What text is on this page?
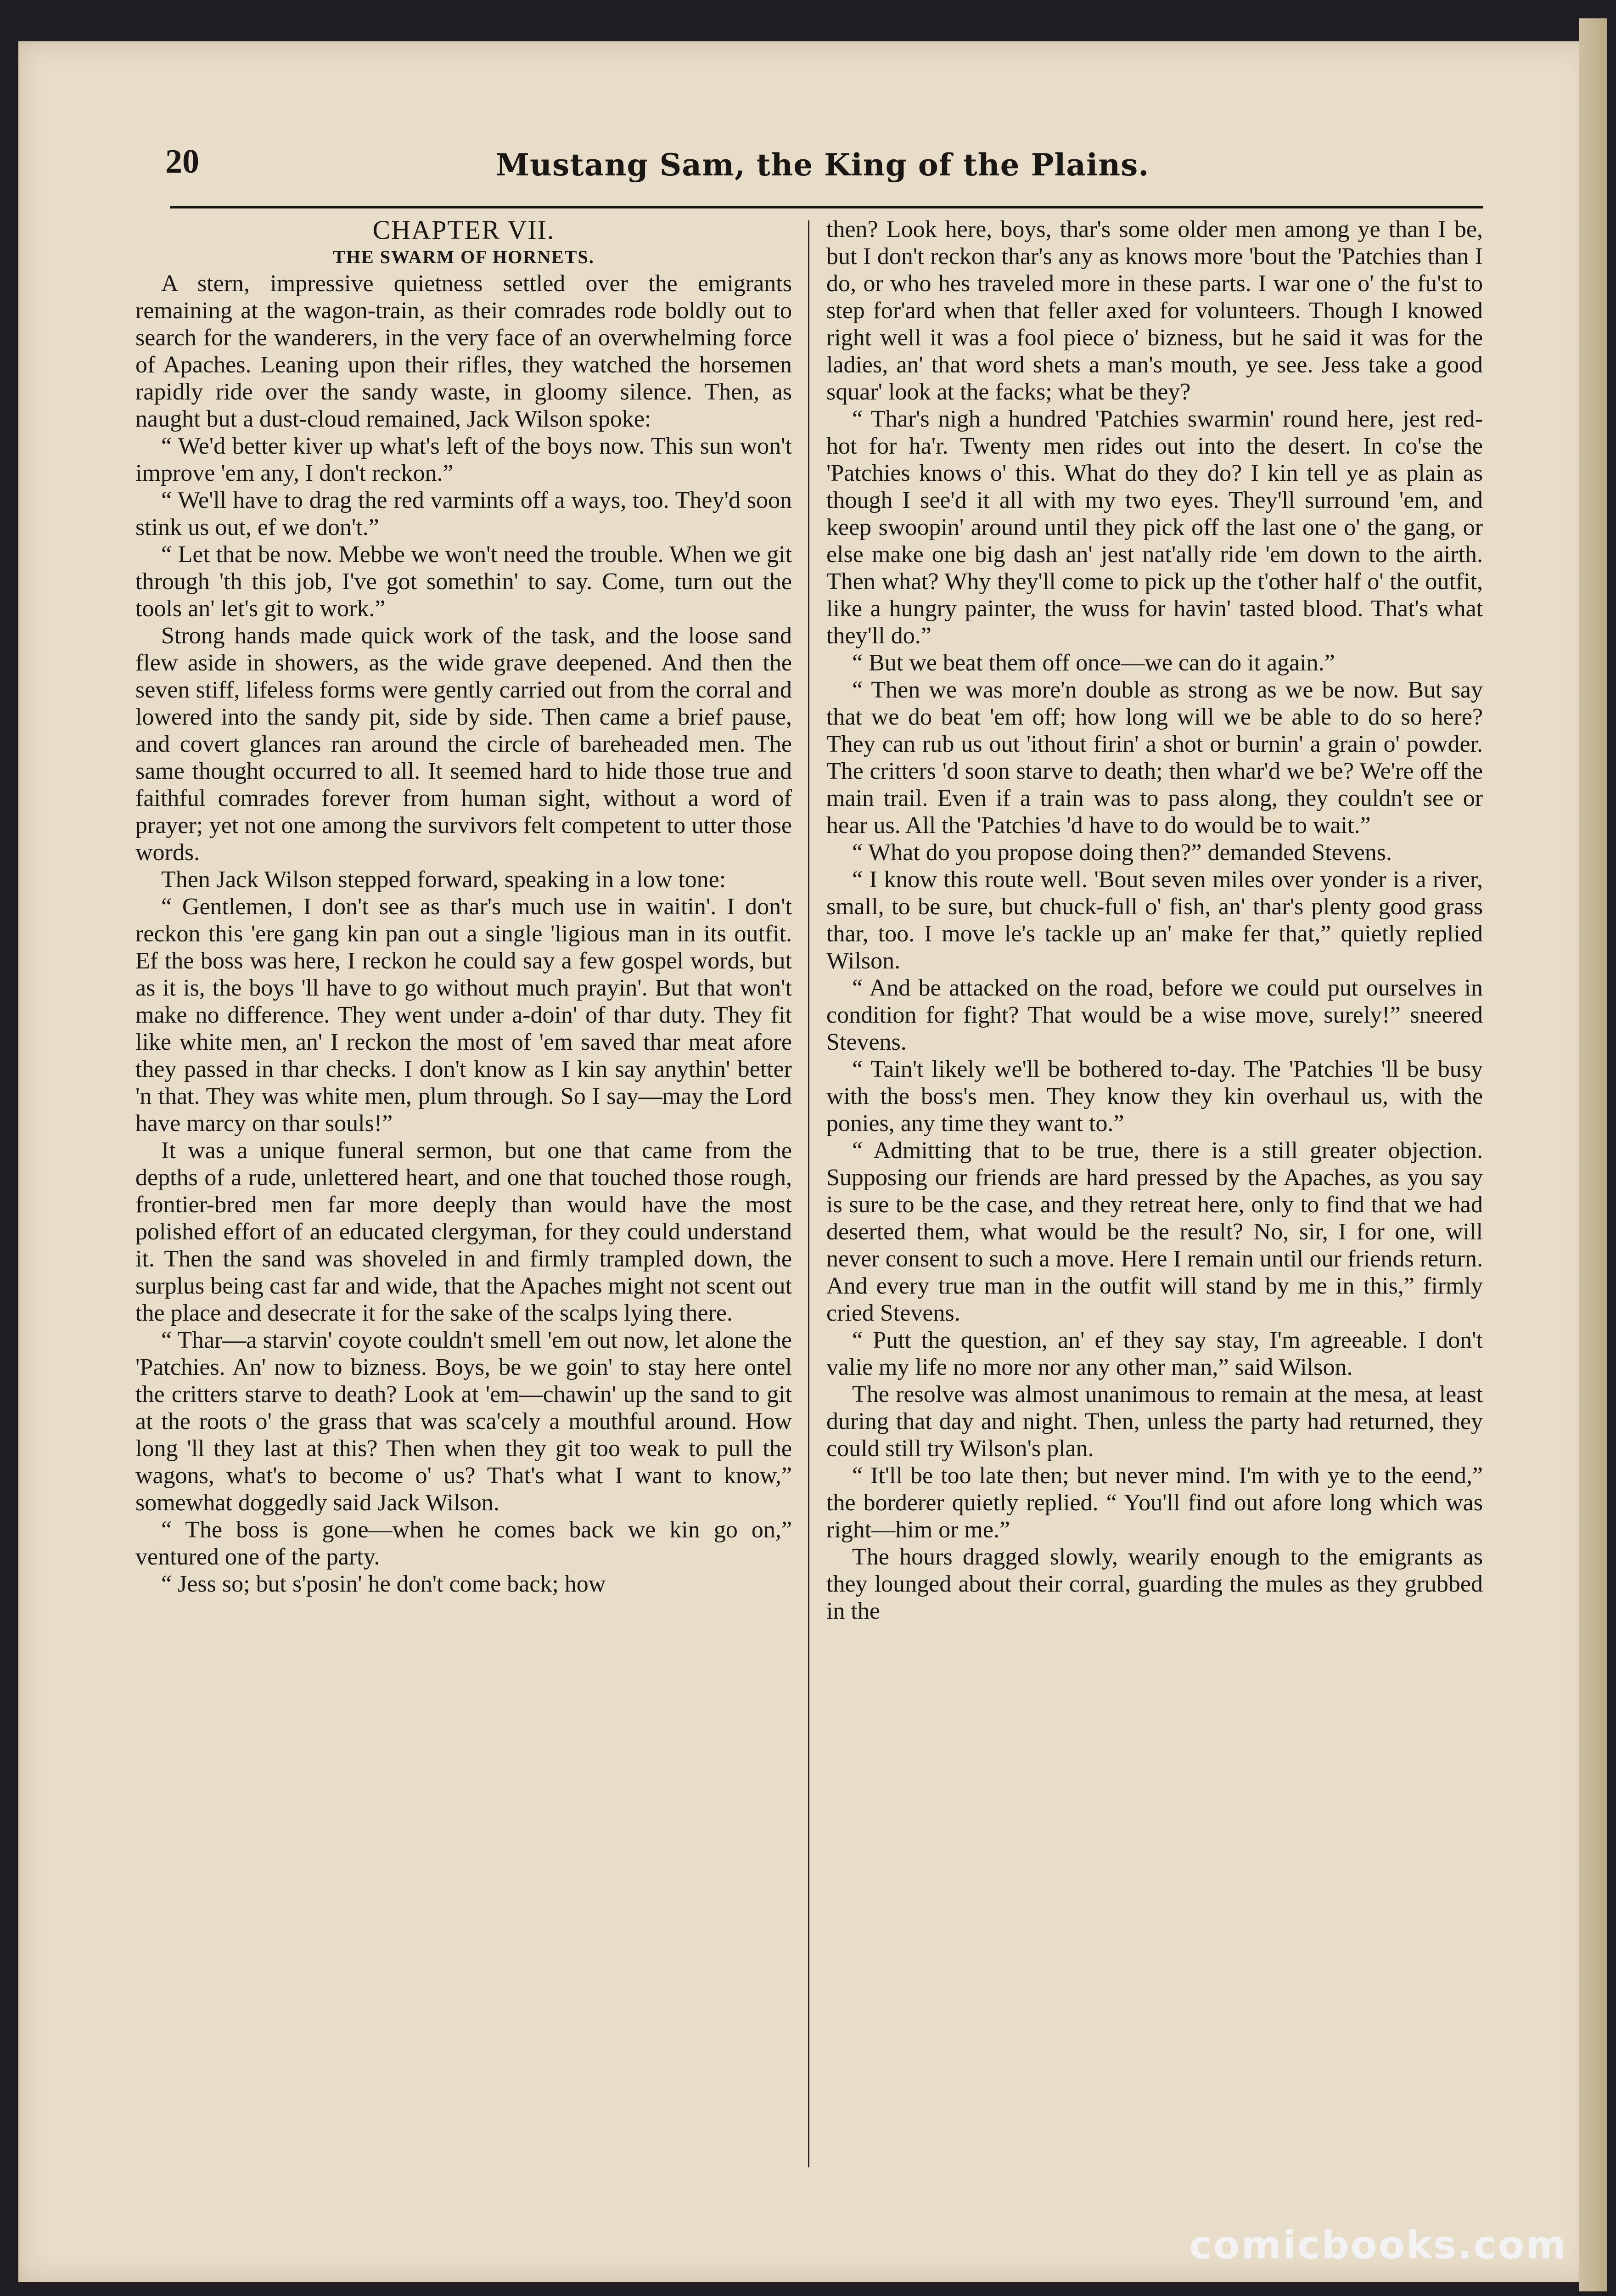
20	Mustang Sam, the King of the Plains.
CHAPTER VII.
THE SWARM OF HORNETS.

A stern, impressive quietness settled over the emigrants remaining at the wagon-train, as their comrades rode boldly out to search for the wanderers, in the very face of an overwhelming force of Apaches. Leaning upon their rifles, they watched the horsemen rapidly ride over the sandy waste, in gloomy silence. Then, as naught but a dust-cloud remained, Jack Wilson spoke:

“ We'd better kiver up what's left of the boys now. This sun won't improve 'em any, I don't reckon.”

“ We'll have to drag the red varmints off a ways, too. They'd soon stink us out, ef we don't.”

“ Let that be now. Mebbe we won't need the trouble. When we git through 'th this job, I've got somethin' to say. Come, turn out the tools an' let's git to work.”

Strong hands made quick work of the task, and the loose sand flew aside in showers, as the wide grave deepened. And then the seven stiff, lifeless forms were gently carried out from the corral and lowered into the sandy pit, side by side. Then came a brief pause, and covert glances ran around the circle of bareheaded men. The same thought occurred to all. It seemed hard to hide those true and faithful comrades forever from human sight, without a word of prayer; yet not one among the survivors felt competent to utter those words.

Then Jack Wilson stepped forward, speaking in a low tone:

“ Gentlemen, I don't see as thar's much use in waitin'. I don't reckon this 'ere gang kin pan out a single 'ligious man in its outfit. Ef the boss was here, I reckon he could say a few gospel words, but as it is, the boys 'll have to go without much prayin'. But that won't make no difference. They went under a-doin' of thar duty. They fit like white men, an' I reckon the most of 'em saved thar meat afore they passed in thar checks. I don't know as I kin say anythin' better 'n that. They was white men, plum through. So I say—may the Lord have marcy on thar souls!”

It was a unique funeral sermon, but one that came from the depths of a rude, unlettered heart, and one that touched those rough, frontier-bred men far more deeply than would have the most polished effort of an educated clergyman, for they could understand it. Then the sand was shoveled in and firmly trampled down, the surplus being cast far and wide, that the Apaches might not scent out the place and desecrate it for the sake of the scalps lying there.

“ Thar—a starvin' coyote couldn't smell 'em out now, let alone the 'Patchies. An' now to bizness. Boys, be we goin' to stay here ontel the critters starve to death? Look at 'em—chawin' up the sand to git at the roots o' the grass that was sca'cely a mouthful around. How long 'll they last at this? Then when they git too weak to pull the wagons, what's to become o' us? That's what I want to know,” somewhat doggedly said Jack Wilson.

“ The boss is gone—when he comes back we kin go on,” ventured one of the party.

“ Jess so; but s'posin' he don't come back; how

then? Look here, boys, thar's some older men among ye than I be, but I don't reckon thar's any as knows more 'bout the 'Patchies than I do, or who hes traveled more in these parts. I war one o' the fu'st to step for'ard when that feller axed for volunteers. Though I knowed right well it was a fool piece o' bizness, but he said it was for the ladies, an' that word shets a man's mouth, ye see. Jess take a good squar' look at the facks; what be they?

“ Thar's nigh a hundred 'Patchies swarmin' round here, jest red-hot for ha'r. Twenty men rides out into the desert. In co'se the 'Patchies knows o' this. What do they do? I kin tell ye as plain as though I see'd it all with my two eyes. They'll surround 'em, and keep swoopin' around until they pick off the last one o' the gang, or else make one big dash an' jest nat'ally ride 'em down to the airth. Then what? Why they'll come to pick up the t'other half o' the outfit, like a hungry painter, the wuss for havin' tasted blood. That's what they'll do.”

“ But we beat them off once—we can do it again.”

“ Then we was more'n double as strong as we be now. But say that we do beat 'em off; how long will we be able to do so here? They can rub us out 'ithout firin' a shot or burnin' a grain o' powder. The critters 'd soon starve to death; then whar'd we be? We're off the main trail. Even if a train was to pass along, they couldn't see or hear us. All the 'Patchies 'd have to do would be to wait.”

“ What do you propose doing then?” demanded Stevens.

“ I know this route well. 'Bout seven miles over yonder is a river, small, to be sure, but chuck-full o' fish, an' thar's plenty good grass thar, too. I move le's tackle up an' make fer that,” quietly replied Wilson.

“ And be attacked on the road, before we could put ourselves in condition for fight? That would be a wise move, surely!” sneered Stevens.

“ Tain't likely we'll be bothered to-day. The 'Patchies 'll be busy with the boss's men. They know they kin overhaul us, with the ponies, any time they want to.”

“ Admitting that to be true, there is a still greater objection. Supposing our friends are hard pressed by the Apaches, as you say is sure to be the case, and they retreat here, only to find that we had deserted them, what would be the result? No, sir, I for one, will never consent to such a move. Here I remain until our friends return. And every true man in the outfit will stand by me in this,” firmly cried Stevens.

“ Putt the question, an' ef they say stay, I'm agreeable. I don't valie my life no more nor any other man,” said Wilson.

The resolve was almost unanimous to remain at the mesa, at least during that day and night. Then, unless the party had returned, they could still try Wilson's plan.

“ It'll be too late then; but never mind. I'm with ye to the eend,” the borderer quietly replied. “ You'll find out afore long which was right—him or me.”

The hours dragged slowly, wearily enough to the emigrants as they lounged about their corral, guarding the mules as they grubbed in the

comicbooks.com
